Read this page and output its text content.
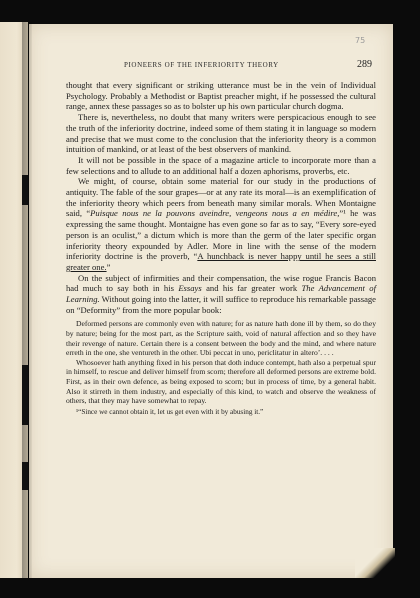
75
PIONEERS OF THE INFERIORITY THEORY	289

thought that every significant or striking utterance must be in the vein of Individual Psychology. Probably a Methodist or Baptist preacher might, if he possessed the cultural range, annex these passages so as to bolster up his own particular church dogma.

There is, nevertheless, no doubt that many writers were perspicacious enough to see the truth of the inferiority doctrine, indeed some of them stating it in language so modern and precise that we must come to the conclusion that the inferiority theory is a common intuition of mankind, or at least of the best observers of mankind.

It will not be possible in the space of a magazine article to incorporate more than a few selections and to allude to an additional half a dozen aphorisms, proverbs, etc.

We might, of course, obtain some material for our study in the productions of antiquity. The fable of the sour grapes—or at any rate its moral—is an exemplification of the inferiority theory which peers from beneath many similar morals. When Montaigne said, “Puisque nous ne la pouvons aveindre, vengeons nous a en médire,”¹ he was expressing the same thought. Montaigne has even gone so far as to say, “Every sore-eyed person is an oculist,” a dictum which is more than the germ of the later specific organ inferiority theory expounded by Adler. More in line with the sense of the modern inferiority doctrine is the proverb, “A hunchback is never happy until he sees a still greater one.”

On the subject of infirmities and their compensation, the wise rogue Francis Bacon had much to say both in his Essays and his far greater work The Advancement of Learning. Without going into the latter, it will suffice to reproduce his remarkable passage on “Deformity” from the more popular book:

Deformed persons are commonly even with nature; for as nature hath done ill by them, so do they by nature; being for the most part, as the Scripture saith, void of natural affection and so they have their revenge of nature. Certain there is a consent between the body and the mind, and where nature erreth in the one, she ventureth in the other. Ubi peccat in uno, periclitatur in altero’. . . .

Whosoever hath anything fixed in his person that doth induce contempt, hath also a perpetual spur in himself, to rescue and deliver himself from scorn; therefore all deformed persons are extreme bold. First, as in their own defence, as being exposed to scorn; but in process of time, by a general habit. Also it stirreth in them industry, and especially of this kind, to watch and observe the weakness of others, that they may have somewhat to repay.

¹“Since we cannot obtain it, let us get even with it by abusing it.”
